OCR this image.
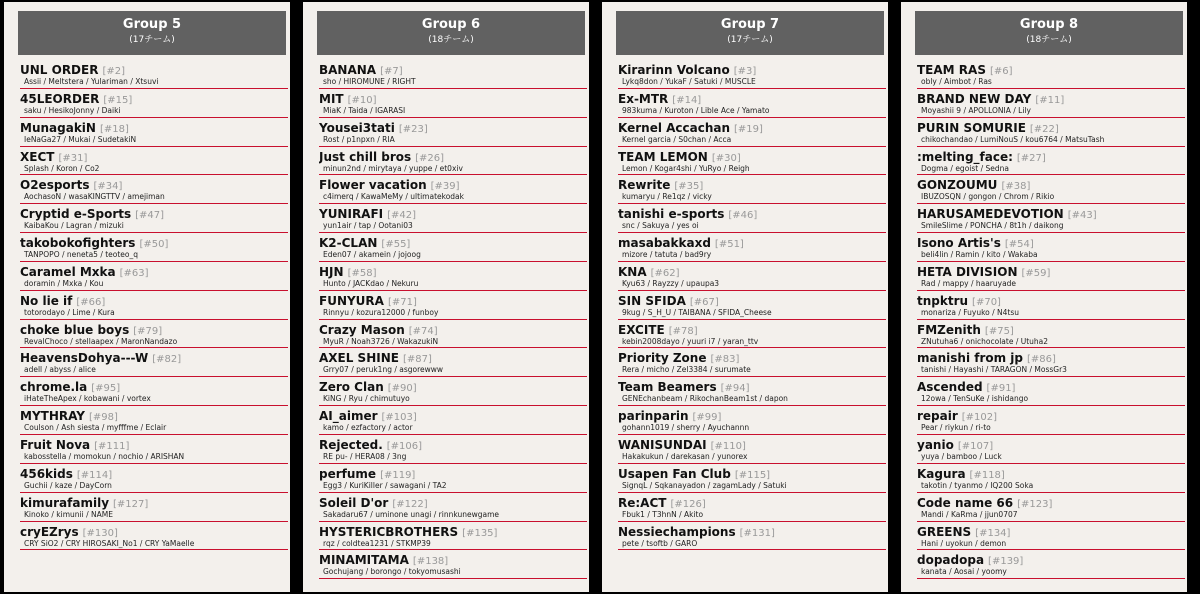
Group 5
(17チーム)
UNL ORDER [#2]
Assii / Meltstera / Yulariman / Xtsuvi
45LEORDER [#15]
saku / HesikoJonny / Daiki
MunagakiN [#18]
IeNaGa27 / Mukai / SudetakiN
XECT [#31]
Splash / Koron / Co2
O2esports [#34]
AochasoN / wasaKINGTTV / amejiman
Cryptid e-Sports [#47]
KaibaKou / Lagran / mizuki
takobokofighters [#50]
TANPOPO / neneta5 / teoteo_q
Caramel Mxka [#63]
doramin / Mxka / Kou
No lie if [#66]
totorodayo / Lime / Kura
choke blue boys [#79]
RevalChoco / stellaapex / MaronNandazo
HeavensDohya---W [#82]
adell / abyss / alice
chrome.la [#95]
iHateTheApex / kobawani / vortex
MYTHRAY [#98]
Coulson / Ash siesta / myfffme / Eclair
Fruit Nova [#111]
kabosstella / momokun / nochio / ARISHAN
456kids [#114]
Guchii / kaze / DayCorn
kimurafamily [#127]
Kinoko / kimunii / NAME
cryEZrys [#130]
CRY SiO2 / CRY HIROSAKI_No1 / CRY YaMaelle
Group 6
(18チーム)
BANANA [#7]
sho / HIROMUNE / RIGHT
MIT [#10]
MiaK / Taida / IGARASI
Yousei3tati [#23]
Rost / p1npxn / RIA
Just chill bros [#26]
minun2nd / mirytaya / yuppe / et0xiv
Flower vacation [#39]
c4imerq / KawaMeMy / ultimatekodak
YUNIRAFI [#42]
yun1air / tap / Ootani03
K2-CLAN [#55]
Eden07 / akamein / jojoog
HJN [#58]
Hunto / JACKdao / Nekuru
FUNYURA [#71]
Rinnyu / kozura12000 / funboy
Crazy Mason [#74]
MyuR / Noah3726 / WakazukiN
AXEL SHINE [#87]
Grry07 / peruk1ng / asgorewww
Zero Clan [#90]
KiNG / Ryu / chimutuyo
AI_aimer [#103]
kamo / ezfactory / actor
Rejected. [#106]
RE pu- / HERA08 / 3ng
perfume [#119]
Egg3 / KuriKiller / sawagani / TA2
Soleil D'or [#122]
Sakadaru67 / uminone unagi / rinnkunewgame
HYSTERICBROTHERS [#135]
rqz / coldtea1231 / STKMP39
MINAMITAMA [#138]
Gochujang / borongo / tokyomusashi
Group 7
(17チーム)
Kirarinn Volcano [#3]
Lykq8don / YukaF / Satuki / MUSCLE
Ex-MTR [#14]
983kuma / Kuroton / Lible Ace / Yamato
Kernel Accachan [#19]
Kernel garcia / S0chan / Acca
TEAM LEMON [#30]
Lemon / Kogar4shi / YuRyo / Reigh
Rewrite [#35]
kumaryu / Re1qz / vicky
tanishi e-sports [#46]
snc / Sakuya / yes oi
masabakkaxd [#51]
mizore / tatuta / bad9ry
KNA [#62]
Kyu63 / Rayzzy / upaupa3
SIN SFIDA [#67]
9kug / S_H_U / TAIBANA / SFIDA_Cheese
EXCITE [#78]
kebin2008dayo / yuuri i7 / yaran_ttv
Priority Zone [#83]
Rera / micho / Zel3384 / surumate
Team Beamers [#94]
GENEchanbeam / RikochanBeam1st / dapon
parinparin [#99]
gohann1019 / sherry / Ayuchannn
WANISUNDAI [#110]
Hakakukun / darekasan / yunorex
Usapen Fan Club [#115]
SignqL / Sqkanayadon / zagamLady / Satuki
Re:ACT [#126]
Fbuk1 / T3hnN / Akito
Nessiechampions [#131]
pete / tsoftb / GARO
Group 8
(18チーム)
TEAM RAS [#6]
obly / Aimbot / Ras
BRAND NEW DAY [#11]
Moyashii 9 / APOLLONIA / Lily
PURIN SOMURIE [#22]
chikochandao / LumiNouS / kou6764 / MatsuTash
:melting_face: [#27]
Dogma / egoist / Sedna
GONZOUMU [#38]
IBUZOSQN / gongon / Chrom / Rikio
HARUSAMEDEVOTION [#43]
SmileSlime / PONCHA / 8t1h / daikong
Isono Artis's [#54]
beli4lin / Ramin / kito / Wakaba
HETA DIVISION [#59]
Rad / mappy / haaruyade
tnpktru [#70]
monariza / Fuyuko / N4tsu
FMZenith [#75]
ZNutuha6 / onichocolate / Utuha2
manishi from jp [#86]
tanishi / Hayashi / TARAGON / MossGr3
Ascended [#91]
12owa / TenSuKe / ishidango
repair [#102]
Pear / riykun / ri-to
yanio [#107]
yuya / bamboo / Luck
Kagura [#118]
takotin / tyanmo / IQ200 Soka
Code name 66 [#123]
Mandi / KaRma / jjun0707
GREENS [#134]
Hani / uyokun / demon
dopadopa [#139]
kanata / Aosai / yoomy
